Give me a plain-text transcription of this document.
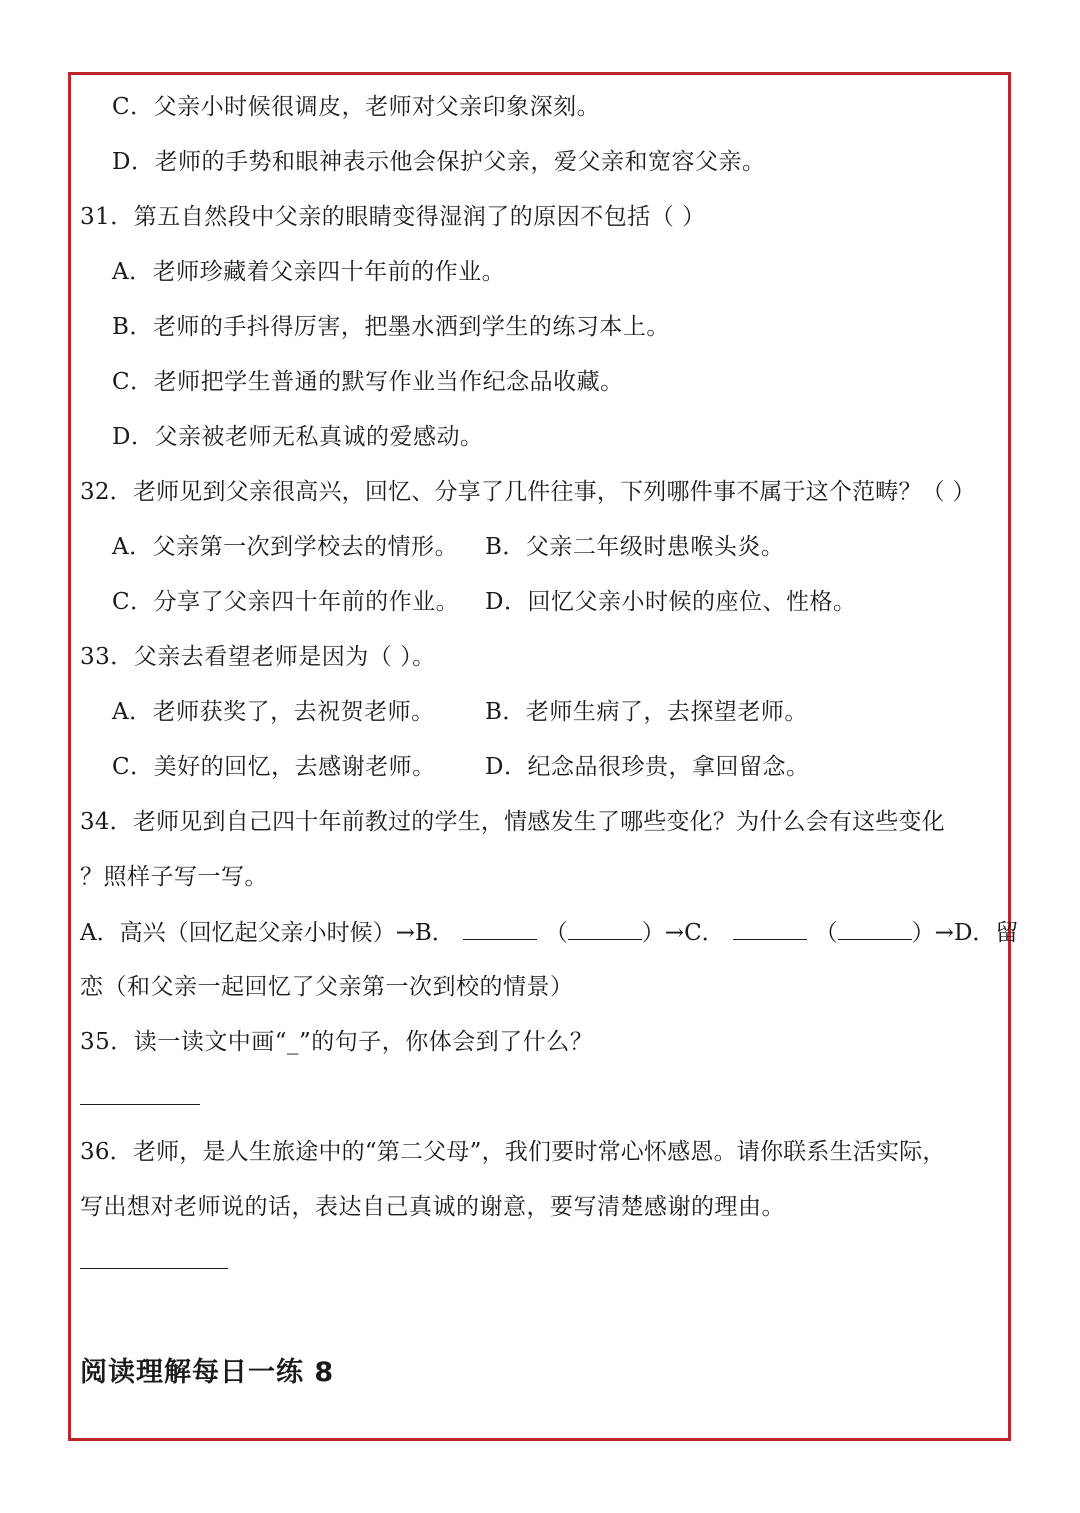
C．父亲小时候很调皮，老师对父亲印象深刻。
D．老师的手势和眼神表示他会保护父亲，爱父亲和宽容父亲。
31．第五自然段中父亲的眼睛变得湿润了的原因不包括（ ）
A．老师珍藏着父亲四十年前的作业。
B．老师的手抖得厉害，把墨水洒到学生的练习本上。
C．老师把学生普通的默写作业当作纪念品收藏。
D．父亲被老师无私真诚的爱感动。
32．老师见到父亲很高兴，回忆、分享了几件往事，下列哪件事不属于这个范畴？（ ）
A．父亲第一次到学校去的情形。 B．父亲二年级时患喉头炎。
C．分享了父亲四十年前的作业。 D．回忆父亲小时候的座位、性格。
33．父亲去看望老师是因为（ ）。
A．老师获奖了，去祝贺老师。 B．老师生病了，去探望老师。
C．美好的回忆，去感谢老师。 D．纪念品很珍贵，拿回留念。
34．老师见到自己四十年前教过的学生，情感发生了哪些变化？为什么会有这些变化
？照样子写一写。
A．高兴（回忆起父亲小时候）→B．	（	）→C．	（	）→D．留
恋（和父亲一起回忆了父亲第一次到校的情景）
35．读一读文中画“_”的句子，你体会到了什么？
36．老师，是人生旅途中的“第二父母”，我们要时常心怀感恩。请你联系生活实际，
写出想对老师说的话，表达自己真诚的谢意，要写清楚感谢的理由。
阅读理解每日一练 8
